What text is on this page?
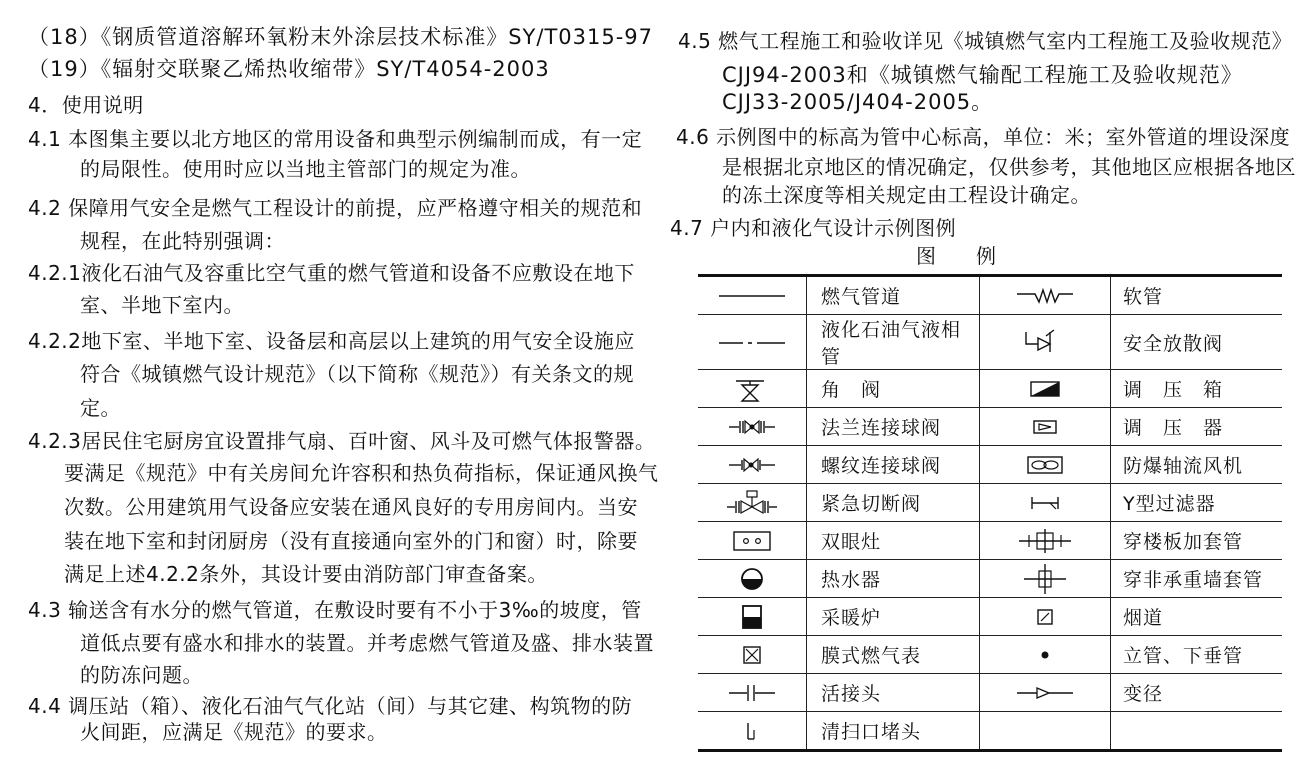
（18）《钢质管道溶解环氧粉末外涂层技术标准》SY/T0315-97
（19）《辐射交联聚乙烯热收缩带》SY/T4054-2003
4．使用说明
4.1 本图集主要以北方地区的常用设备和典型示例编制而成，有一定
的局限性。使用时应以当地主管部门的规定为准。
4.2 保障用气安全是燃气工程设计的前提，应严格遵守相关的规范和
规程，在此特别强调：
4.2.1液化石油气及容重比空气重的燃气管道和设备不应敷设在地下
室、半地下室内。
4.2.2地下室、半地下室、设备层和高层以上建筑的用气安全设施应
符合《城镇燃气设计规范》（以下简称《规范》）有关条文的规
定。
4.2.3居民住宅厨房宜设置排气扇、百叶窗、风斗及可燃气体报警器。
要满足《规范》中有关房间允许容积和热负荷指标，保证通风换气
次数。公用建筑用气设备应安装在通风良好的专用房间内。当安
装在地下室和封闭厨房（没有直接通向室外的门和窗）时，除要
满足上述4.2.2条外，其设计要由消防部门审查备案。
4.3 输送含有水分的燃气管道，在敷设时要有不小于3‰的坡度，管
道低点要有盛水和排水的装置。并考虑燃气管道及盛、排水装置
的防冻问题。
4.4 调压站（箱）、液化石油气气化站（间）与其它建、构筑物的防
火间距，应满足《规范》的要求。
4.5 燃气工程施工和验收详见《城镇燃气室内工程施工及验收规范》
CJJ94-2003和《城镇燃气输配工程施工及验收规范》
CJJ33-2005/J404-2005。
4.6 示例图中的标高为管中心标高，单位：米；室外管道的埋设深度
是根据北京地区的情况确定，仅供参考，其他地区应根据各地区
的冻土深度等相关规定由工程设计确定。
4.7 户内和液化气设计示例图例
图　　例
	燃气管道		软管
	液化石油气液相管		安全放散阀
	角　阀		调　压　箱
	法兰连接球阀		调　压　器
	螺纹连接球阀		防爆轴流风机
	紧急切断阀		Y型过滤器
	双眼灶		穿楼板加套管
	热水器		穿非承重墙套管
	采暖炉		烟道
	膜式燃气表		立管、下垂管
	活接头		变径
	清扫口堵头		
